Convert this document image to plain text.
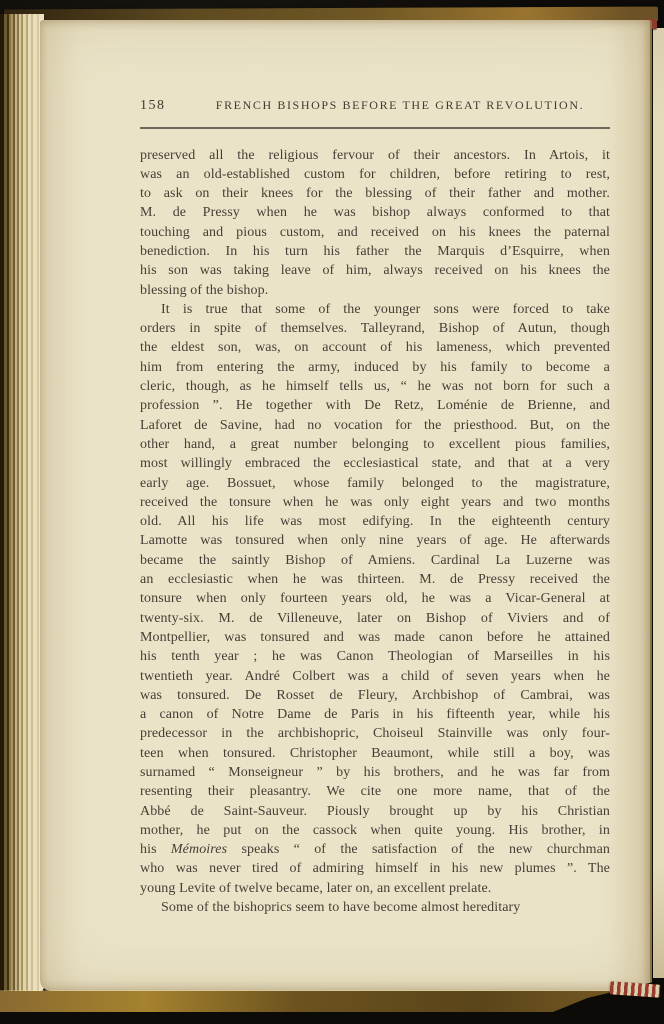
158	FRENCH BISHOPS BEFORE THE GREAT REVOLUTION.
preserved all the religious fervour of their ancestors. In Artois, it
was an old-established custom for children, before retiring to rest,
to ask on their knees for the blessing of their father and mother.
M. de Pressy when he was bishop always conformed to that
touching and pious custom, and received on his knees the paternal
benediction. In his turn his father the Marquis d’Esquirre, when
his son was taking leave of him, always received on his knees the
blessing of the bishop.
It is true that some of the younger sons were forced to take
orders in spite of themselves. Talleyrand, Bishop of Autun, though
the eldest son, was, on account of his lameness, which prevented
him from entering the army, induced by his family to become a
cleric, though, as he himself tells us, “ he was not born for such a
profession ”. He together with De Retz, Loménie de Brienne, and
Laforet de Savine, had no vocation for the priesthood. But, on the
other hand, a great number belonging to excellent pious families,
most willingly embraced the ecclesiastical state, and that at a very
early age. Bossuet, whose family belonged to the magistrature,
received the tonsure when he was only eight years and two months
old. All his life was most edifying. In the eighteenth century
Lamotte was tonsured when only nine years of age. He afterwards
became the saintly Bishop of Amiens. Cardinal La Luzerne was
an ecclesiastic when he was thirteen. M. de Pressy received the
tonsure when only fourteen years old, he was a Vicar-General at
twenty-six. M. de Villeneuve, later on Bishop of Viviers and of
Montpellier, was tonsured and was made canon before he attained
his tenth year ; he was Canon Theologian of Marseilles in his
twentieth year. André Colbert was a child of seven years when he
was tonsured. De Rosset de Fleury, Archbishop of Cambrai, was
a canon of Notre Dame de Paris in his fifteenth year, while his
predecessor in the archbishopric, Choiseul Stainville was only four-
teen when tonsured. Christopher Beaumont, while still a boy, was
surnamed “ Monseigneur ” by his brothers, and he was far from
resenting their pleasantry. We cite one more name, that of the
Abbé de Saint-Sauveur. Piously brought up by his Christian
mother, he put on the cassock when quite young. His brother, in
his Mémoires speaks “ of the satisfaction of the new churchman
who was never tired of admiring himself in his new plumes ”. The
young Levite of twelve became, later on, an excellent prelate.
Some of the bishoprics seem to have become almost hereditary
